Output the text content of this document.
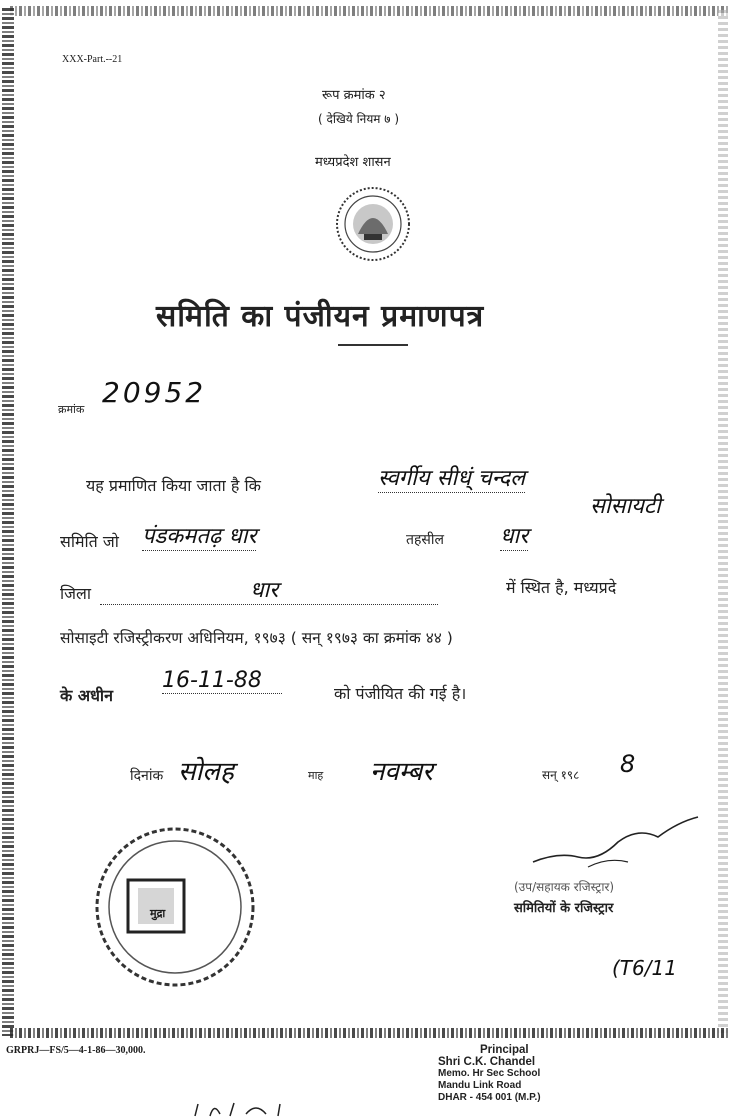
XXX-Part.--21
रूप क्रमांक २
( देखिये नियम ७ )
मध्यप्रदेश शासन
समिति का पंजीयन प्रमाणपत्र
क्रमांक
20952
यह प्रमाणित किया जाता है कि	स्वर्गीय सीध्ं चन्दल
सोसायटी
समिति जो पंडकमतढ़ धार	तहसील	धार
जिला	धार	में स्थित है, मध्यप्रदे
सोसाइटी रजिस्ट्रीकरण अधिनियम, १९७३ ( सन् १९७३ का क्रमांक ४४ )
के अधीन
16-11-88
को पंजीयित की गई है।
दिनांक सोलह	माह नवम्बर	सन् १९८ 8
मुद्रा
(उप/सहायक रजिस्ट्रार)
समितियों के रजिस्ट्रार
(T6/11
GRPRJ—FS/5—4-1-86—30,000.	Principal
Shri C.K. Chandel
Memo. Hr Sec School
Mandu Link Road
DHAR - 454 001 (M.P.)
